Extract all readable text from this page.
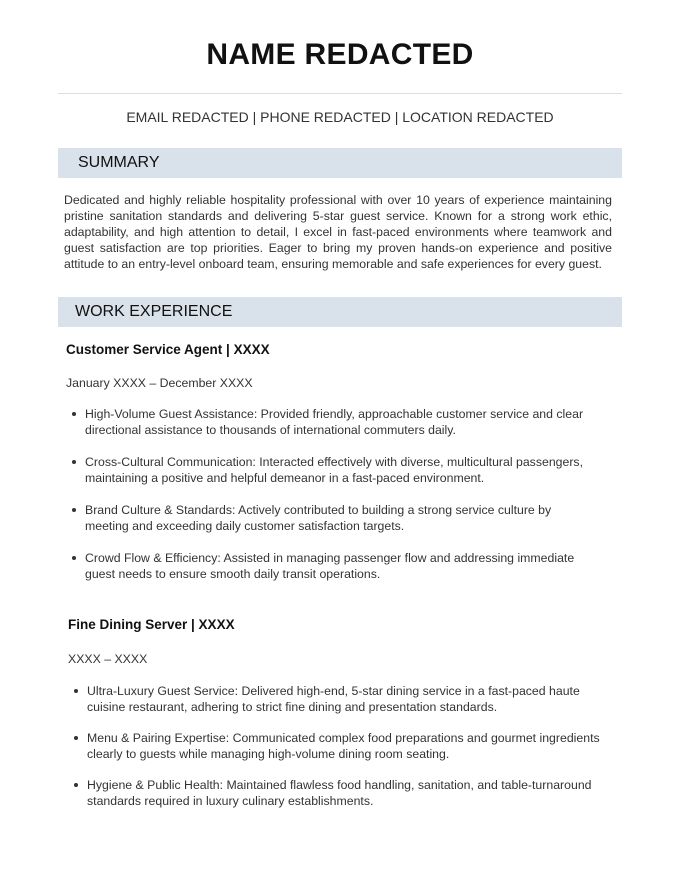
NAME REDACTED
EMAIL REDACTED | PHONE REDACTED | LOCATION REDACTED
SUMMARY
Dedicated and highly reliable hospitality professional with over 10 years of experience maintaining pristine sanitation standards and delivering 5-star guest service. Known for a strong work ethic, adaptability, and high attention to detail, I excel in fast-paced environments where teamwork and guest satisfaction are top priorities. Eager to bring my proven hands-on experience and positive attitude to an entry-level onboard team, ensuring memorable and safe experiences for every guest.
WORK EXPERIENCE
Customer Service Agent | XXXX
January XXXX – December XXXX
High-Volume Guest Assistance: Provided friendly, approachable customer service and clear directional assistance to thousands of international commuters daily.
Cross-Cultural Communication: Interacted effectively with diverse, multicultural passengers, maintaining a positive and helpful demeanor in a fast-paced environment.
Brand Culture & Standards: Actively contributed to building a strong service culture by meeting and exceeding daily customer satisfaction targets.
Crowd Flow & Efficiency: Assisted in managing passenger flow and addressing immediate guest needs to ensure smooth daily transit operations.
Fine Dining Server | XXXX
XXXX – XXXX
Ultra-Luxury Guest Service: Delivered high-end, 5-star dining service in a fast-paced haute cuisine restaurant, adhering to strict fine dining and presentation standards.
Menu & Pairing Expertise: Communicated complex food preparations and gourmet ingredients clearly to guests while managing high-volume dining room seating.
Hygiene & Public Health: Maintained flawless food handling, sanitation, and table-turnaround standards required in luxury culinary establishments.
